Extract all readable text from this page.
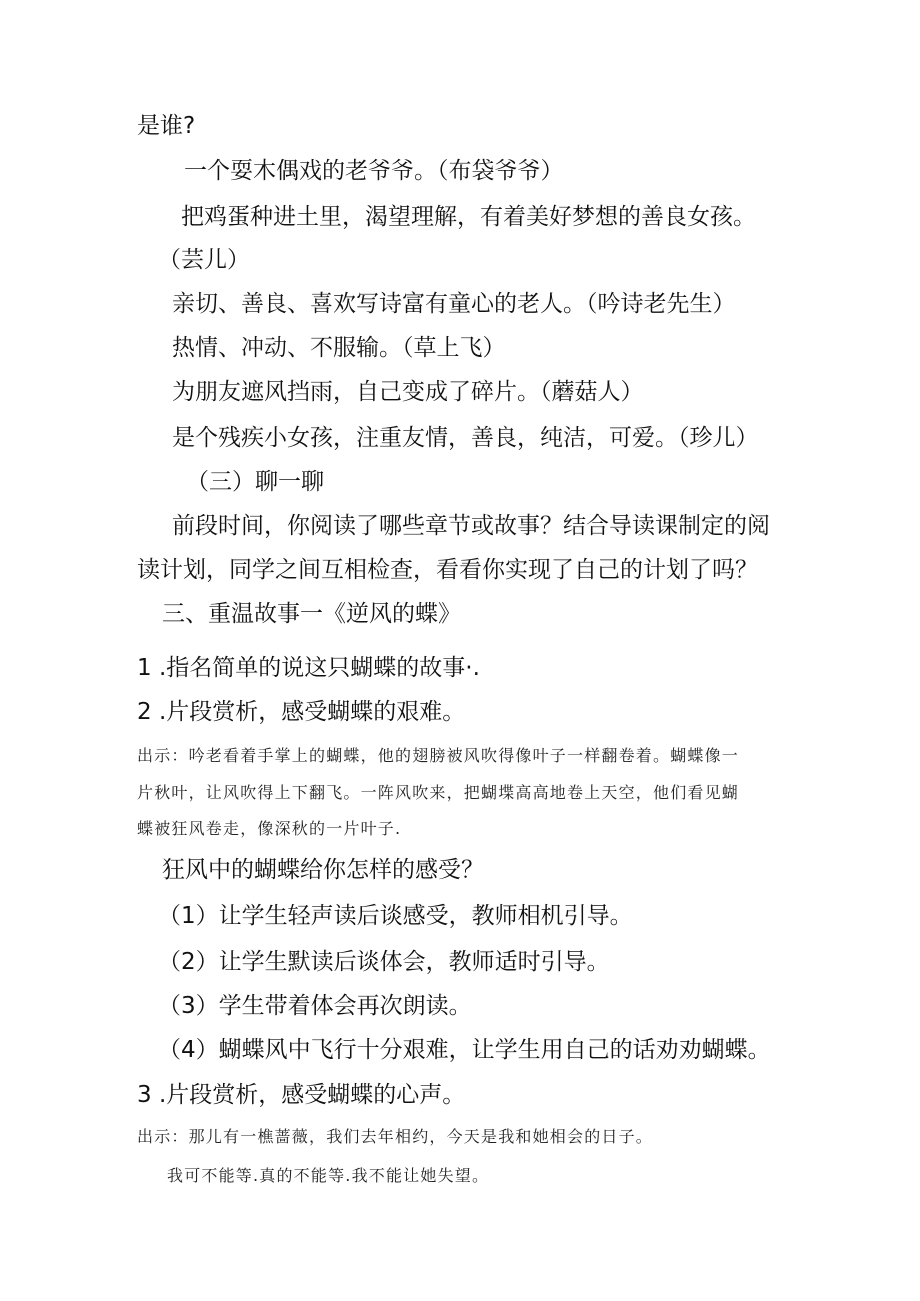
是谁?
一个耍木偶戏的老爷爷。（布袋爷爷）
把鸡蛋种进土里，渴望理解，有着美好梦想的善良女孩。
（芸儿）
亲切、善良、喜欢写诗富有童心的老人。（吟诗老先生）
热情、冲动、不服输。（草上飞）
为朋友遮风挡雨，自己变成了碎片。（蘑菇人）
是个残疾小女孩，注重友情，善良，纯洁，可爱。（珍儿）
（三）聊一聊
前段时间，你阅读了哪些章节或故事？结合导读课制定的阅
读计划，同学之间互相检查，看看你实现了自己的计划了吗？
三、重温故事一《逆风的蝶》
1 .指名简单的说这只蝴蝶的故事·.
2 .片段赏析，感受蝴蝶的艰难。
出示：吟老看着手掌上的蝴蝶，他的翅膀被风吹得像叶子一样翻卷着。蝴蝶像一
片秋叶，让风吹得上下翻飞。一阵风吹来，把蝴堞高高地卷上天空，他们看见蝴
蝶被狂风卷走，像深秋的一片叶子.
狂风中的蝴蝶给你怎样的感受？
（1）让学生轻声读后谈感受，教师相机引导。
（2）让学生默读后谈体会，教师适时引导。
（3）学生带着体会再次朗读。
（4）蝴蝶风中飞行十分艰难，让学生用自己的话劝劝蝴蝶。
3 .片段赏析，感受蝴蝶的心声。
出示：那儿有一樵蔷薇，我们去年相约，今天是我和她相会的日子。
我可不能等.真的不能等.我不能让她失望。
